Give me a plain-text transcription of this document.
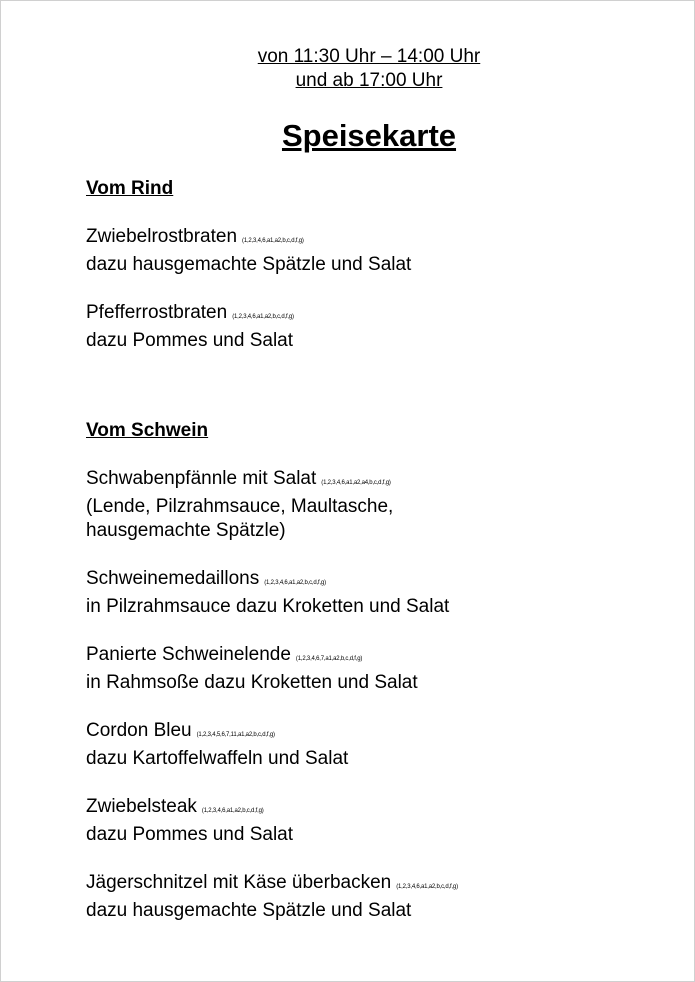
von 11:30 Uhr – 14:00 Uhr
und ab 17:00 Uhr
Speisekarte
Vom Rind
Zwiebelrostbraten (1,2,3,4,6,a1,a2,b,c,d,f,g)
dazu hausgemachte Spätzle und Salat
Pfefferrostbraten (1,2,3,4,6,a1,a2,b,c,d,f,g)
dazu Pommes und Salat
Vom Schwein
Schwabenpfännle mit Salat (1,2,3,4,6,a1,a2,a4,b,c,d,f,g)
(Lende, Pilzrahmsauce, Maultasche,
hausgemachte Spätzle)
Schweinemedaillons (1,2,3,4,6,a1,a2,b,c,d,f,g)
in Pilzrahmsauce dazu Kroketten und Salat
Panierte Schweinelende (1,2,3,4,6,7,a1,a2,b,c,d,f,g)
in Rahmsoße dazu Kroketten und Salat
Cordon Bleu (1,2,3,4,5,6,7,11,a1,a2,b,c,d,f,g)
dazu Kartoffelwaffeln und Salat
Zwiebelsteak (1,2,3,4,6,a1,a2,b,c,d,f,g)
dazu Pommes und Salat
Jägerschnitzel mit Käse überbacken (1,2,3,4,6,a1,a2,b,c,d,f,g)
dazu hausgemachte Spätzle und Salat
